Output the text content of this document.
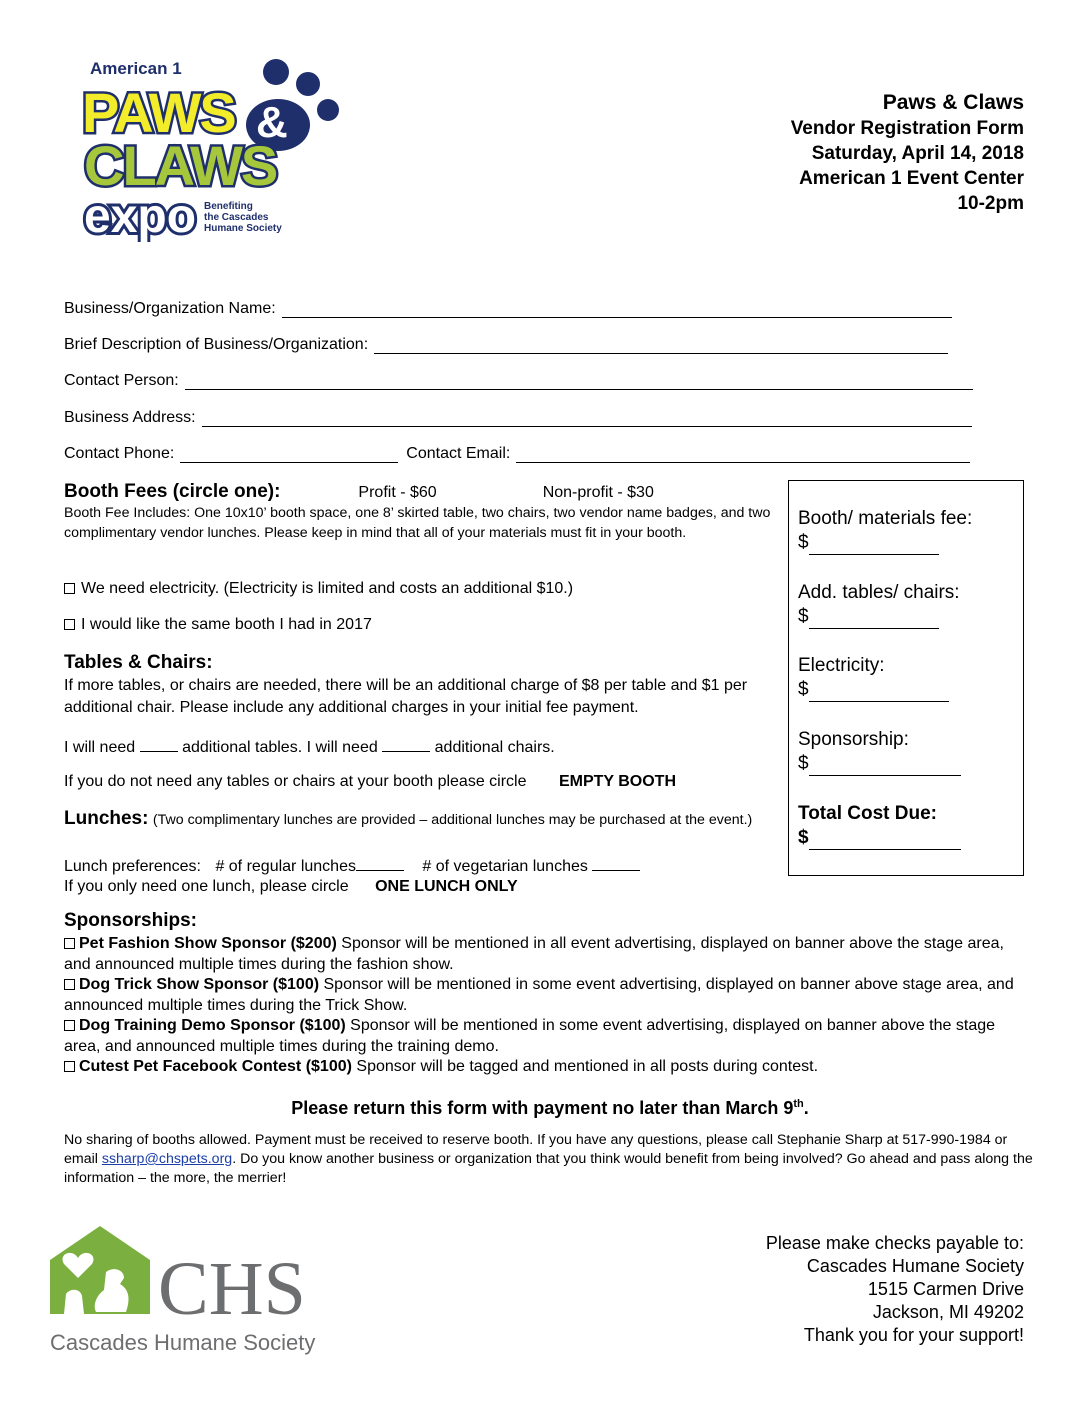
American 1
PAWS &
CLAWS
expo Benefiting
the Cascades
Humane Society
Paws & Claws
Vendor Registration Form
Saturday, April 14, 2018
American 1 Event Center
10-2pm
Business/Organization Name:
Brief Description of Business/Organization:
Contact Person:
Business Address:
Contact Phone:	Contact Email:
Booth Fees (circle one):	Profit - $60	Non-profit - $30
Booth Fee Includes: One 10x10’ booth space, one 8’ skirted table, two chairs, two vendor name badges, and two complimentary vendor lunches. Please keep in mind that all of your materials must fit in your booth.
We need electricity. (Electricity is limited and costs an additional $10.)
I would like the same booth I had in 2017
Tables & Chairs:
If more tables, or chairs are needed, there will be an additional charge of $8 per table and $1 per additional chair. Please include any additional charges in your initial fee payment.
I will need	additional tables. I will need	additional chairs.
If you do not need any tables or chairs at your booth please circle EMPTY BOOTH
Lunches: (Two complimentary lunches are provided – additional lunches may be purchased at the event.)
Lunch preferences: # of regular lunches	# of vegetarian lunches
If you only need one lunch, please circle ONE LUNCH ONLY
Booth/ materials fee:
$
Add. tables/ chairs:
$
Electricity:
$
Sponsorship:
$
Total Cost Due:
$
Sponsorships:
Pet Fashion Show Sponsor ($200) Sponsor will be mentioned in all event advertising, displayed on banner above the stage area, and announced multiple times during the fashion show.
Dog Trick Show Sponsor ($100) Sponsor will be mentioned in some event advertising, displayed on banner above stage area, and announced multiple times during the Trick Show.
Dog Training Demo Sponsor ($100) Sponsor will be mentioned in some event advertising, displayed on banner above the stage area, and announced multiple times during the training demo.
Cutest Pet Facebook Contest ($100) Sponsor will be tagged and mentioned in all posts during contest.
Please return this form with payment no later than March 9th.
No sharing of booths allowed. Payment must be received to reserve booth. If you have any questions, please call Stephanie Sharp at 517-990-1984 or email ssharp@chspets.org. Do you know another business or organization that you think would benefit from being involved? Go ahead and pass along the information – the more, the merrier!
CHS
Cascades Humane Society
Please make checks payable to:
Cascades Humane Society
1515 Carmen Drive
Jackson, MI 49202
Thank you for your support!
